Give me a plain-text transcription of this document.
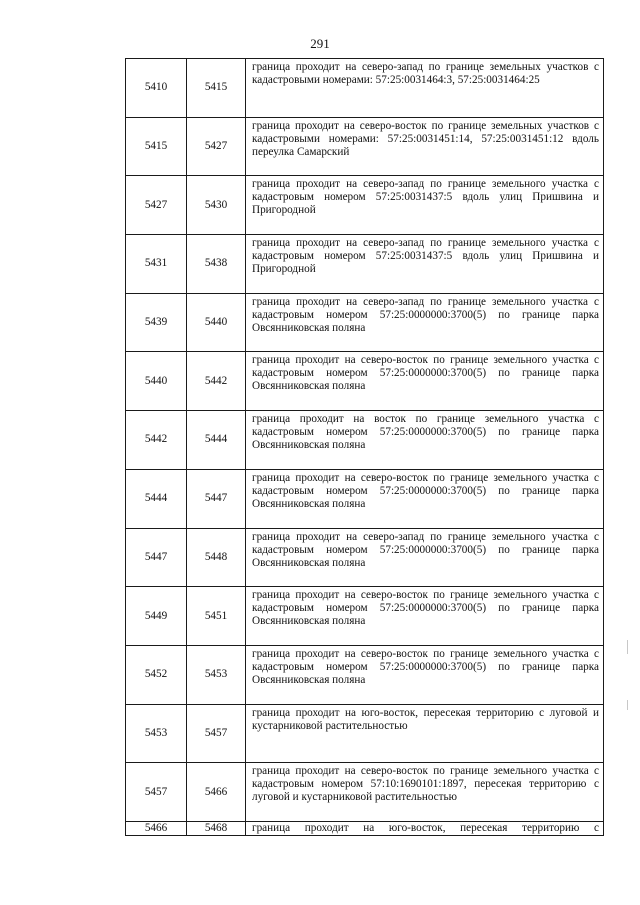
291
5410	5415	граница проходит на северо-запад по границе земельных участков с кадастровыми номерами: 57:25:0031464:3, 57:25:0031464:25
5415	5427	граница проходит на северо-восток по границе земельных участков с кадастровыми номерами: 57:25:0031451:14, 57:25:0031451:12 вдоль переулка Самарский
5427	5430	граница проходит на северо-запад по границе земельного участка с кадастровым номером 57:25:0031437:5 вдоль улиц Пришвина и Пригородной
5431	5438	граница проходит на северо-запад по границе земельного участка с кадастровым номером 57:25:0031437:5 вдоль улиц Пришвина и Пригородной
5439	5440	граница проходит на северо-запад по границе земельного участка с кадастровым номером 57:25:0000000:3700(5) по границе парка Овсянниковская поляна
5440	5442	граница проходит на северо-восток по границе земельного участка с кадастровым номером 57:25:0000000:3700(5) по границе парка Овсянниковская поляна
5442	5444	граница проходит на восток по границе земельного участка с кадастровым номером 57:25:0000000:3700(5) по границе парка Овсянниковская поляна
5444	5447	граница проходит на северо-восток по границе земельного участка с кадастровым номером 57:25:0000000:3700(5) по границе парка Овсянниковская поляна
5447	5448	граница проходит на северо-запад по границе земельного участка с кадастровым номером 57:25:0000000:3700(5) по границе парка Овсянниковская поляна
5449	5451	граница проходит на северо-восток по границе земельного участка с кадастровым номером 57:25:0000000:3700(5) по границе парка Овсянниковская поляна
5452	5453	граница проходит на северо-восток по границе земельного участка с кадастровым номером 57:25:0000000:3700(5) по границе парка Овсянниковская поляна
5453	5457	граница проходит на юго-восток, пересекая территорию с луговой и кустарниковой растительностью
5457	5466	граница проходит на северо-восток по границе земельного участка с кадастровым номером 57:10:1690101:1897, пересекая территорию с луговой и кустарниковой растительностью
5466	5468	граница проходит на юго-восток, пересекая территорию с
